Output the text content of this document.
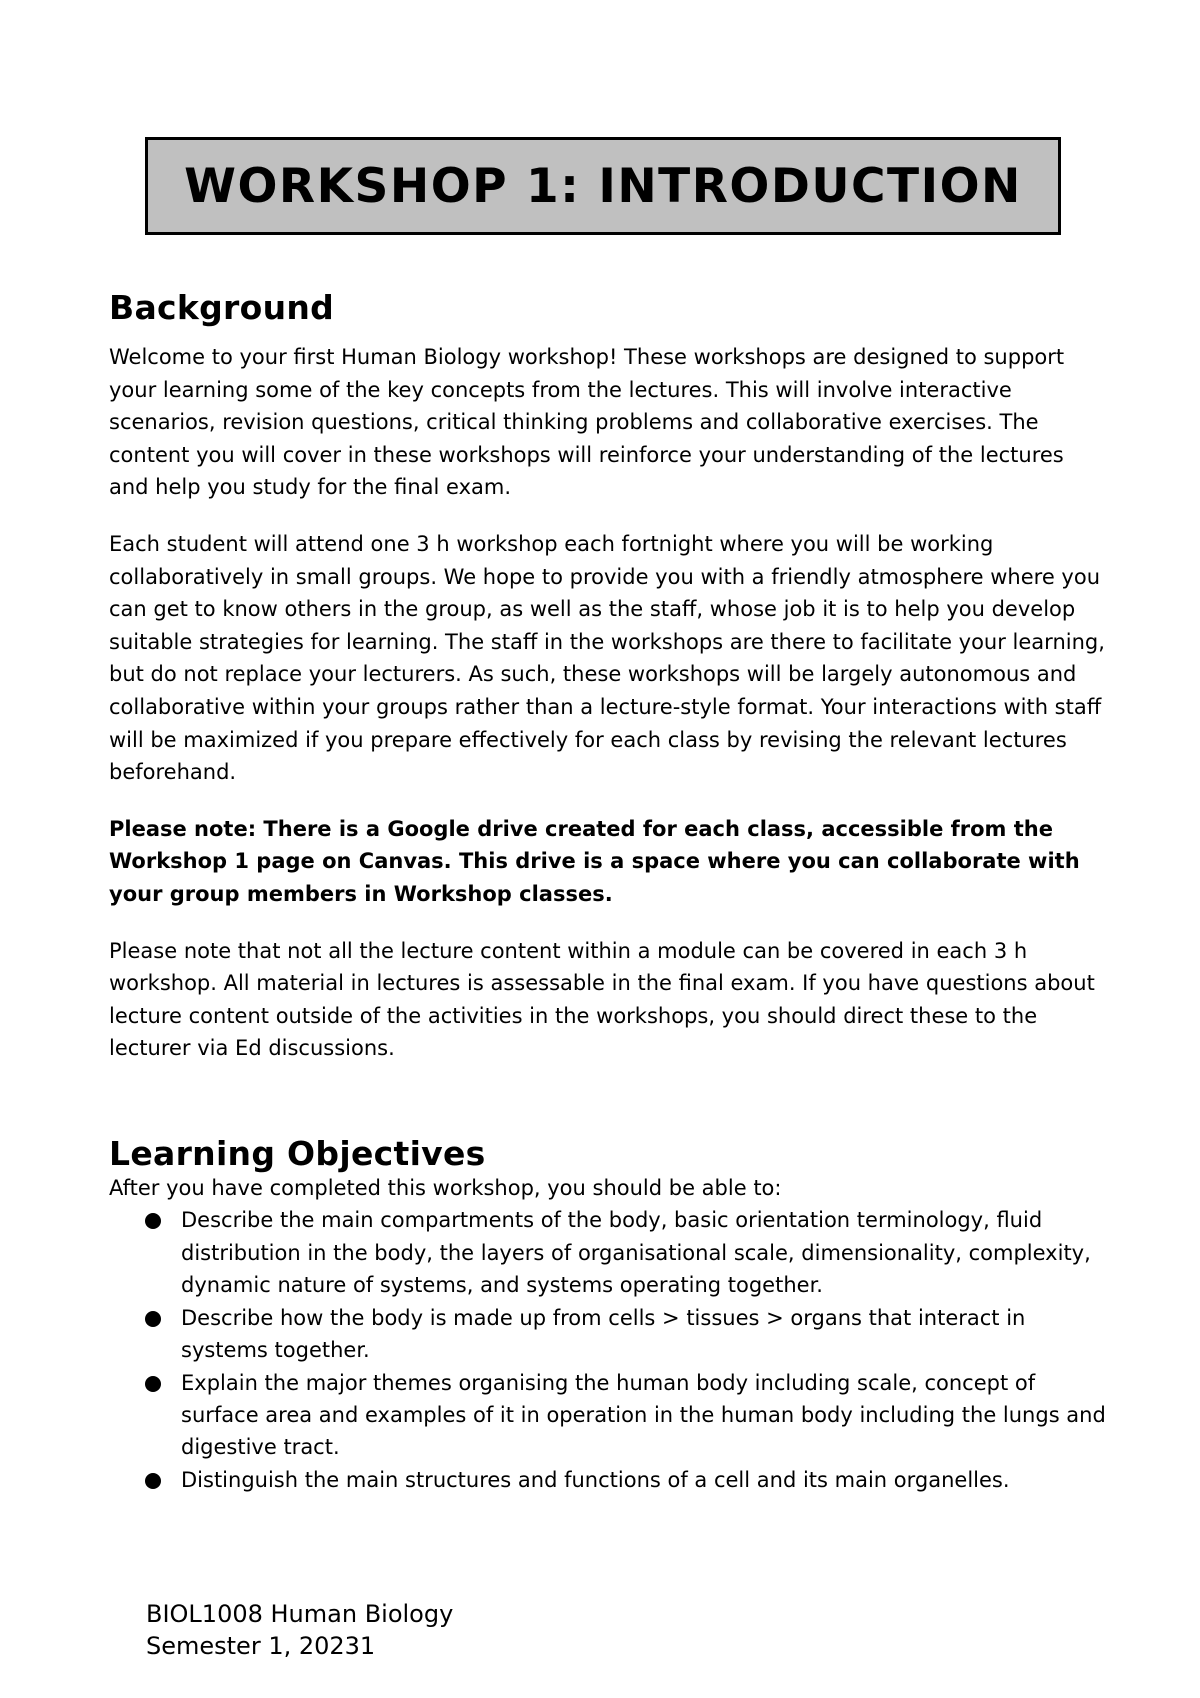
WORKSHOP 1: INTRODUCTION
Background

Welcome to your first Human Biology workshop! These workshops are designed to support your learning some of the key concepts from the lectures. This will involve interactive scenarios, revision questions, critical thinking problems and collaborative exercises. The content you will cover in these workshops will reinforce your understanding of the lectures and help you study for the final exam.

Each student will attend one 3 h workshop each fortnight where you will be working collaboratively in small groups. We hope to provide you with a friendly atmosphere where you can get to know others in the group, as well as the staff, whose job it is to help you develop suitable strategies for learning. The staff in the workshops are there to facilitate your learning, but do not replace your lecturers. As such, these workshops will be largely autonomous and collaborative within your groups rather than a lecture-style format. Your interactions with staff will be maximized if you prepare effectively for each class by revising the relevant lectures beforehand.

Please note: There is a Google drive created for each class, accessible from the Workshop 1 page on Canvas. This drive is a space where you can collaborate with your group members in Workshop classes.

Please note that not all the lecture content within a module can be covered in each 3 h workshop. All material in lectures is assessable in the final exam. If you have questions about lecture content outside of the activities in the workshops, you should direct these to the lecturer via Ed discussions.

Learning Objectives

After you have completed this workshop, you should be able to:

Describe the main compartments of the body, basic orientation terminology, fluid distribution in the body, the layers of organisational scale, dimensionality, complexity, dynamic nature of systems, and systems operating together.
Describe how the body is made up from cells > tissues > organs that interact in systems together.
Explain the major themes organising the human body including scale, concept of surface area and examples of it in operation in the human body including the lungs and digestive tract.
Distinguish the main structures and functions of a cell and its main organelles.

BIOL1008 Human Biology

Semester 1, 20231
